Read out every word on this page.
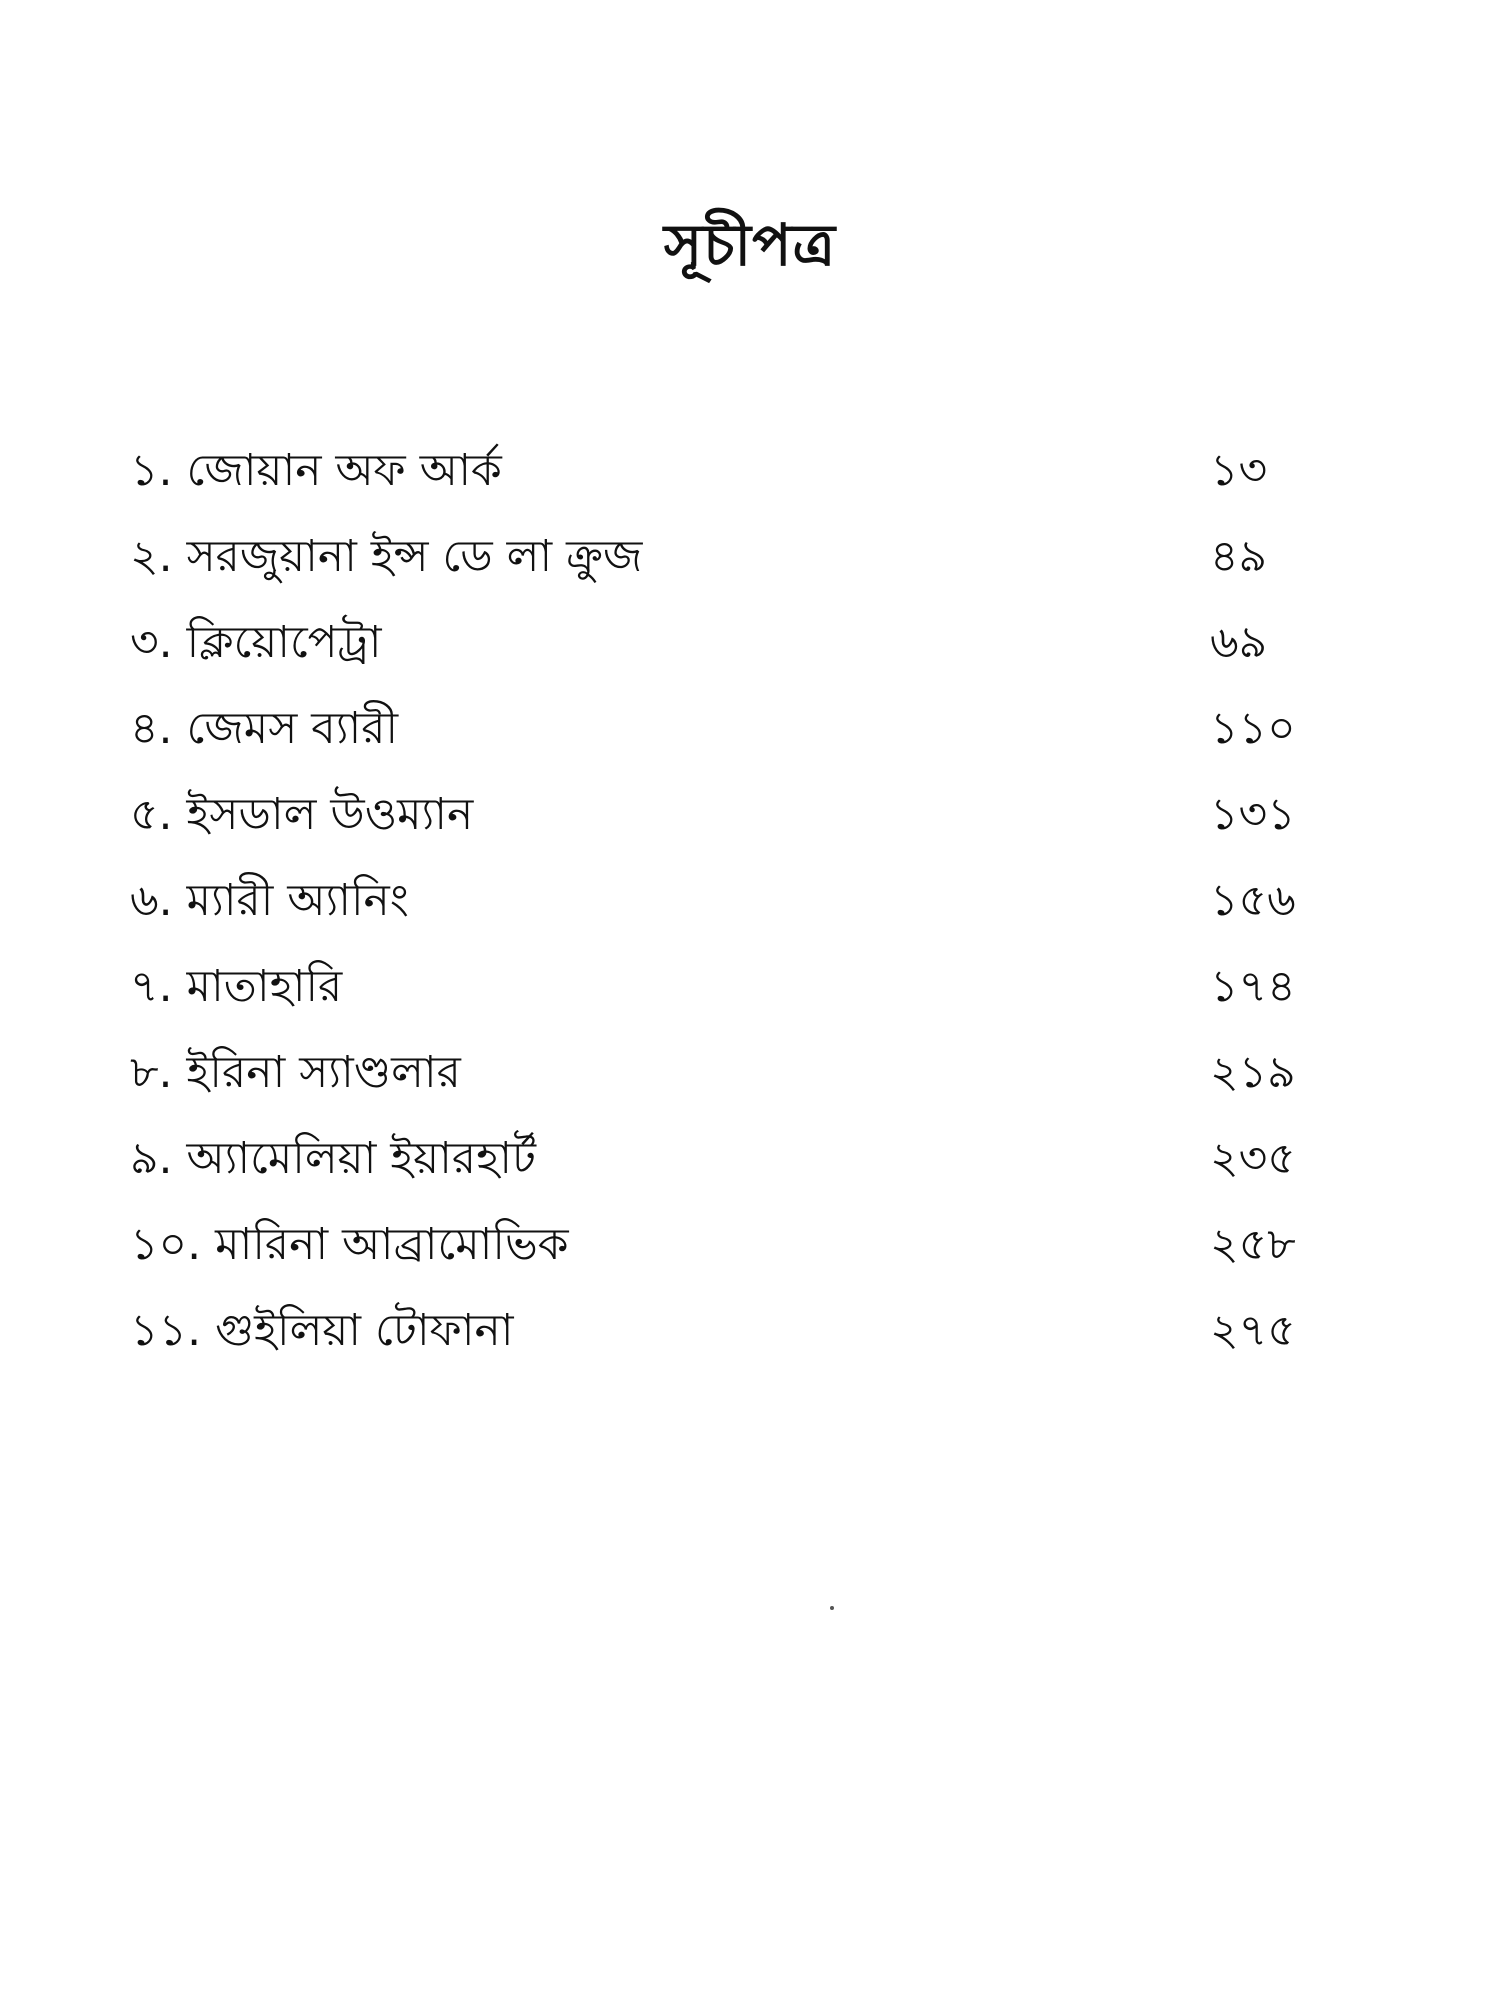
সূচীপত্র
১. জোয়ান অফ আর্ক	১৩
২. সরজুয়ানা ইন্স ডে লা ক্রুজ	৪৯
৩. ক্লিয়োপেট্রা	৬৯
৪. জেমস ব্যারী	১১০
৫. ইসডাল উওম্যান	১৩১
৬. ম্যারী অ্যানিং	১৫৬
৭. মাতাহারি	১৭৪
৮. ইরিনা স্যাণ্ডলার	২১৯
৯. অ্যামেলিয়া ইয়ারহার্ট	২৩৫
১০. মারিনা আব্রামোভিক	২৫৮
১১. গুইলিয়া টোফানা	২৭৫
